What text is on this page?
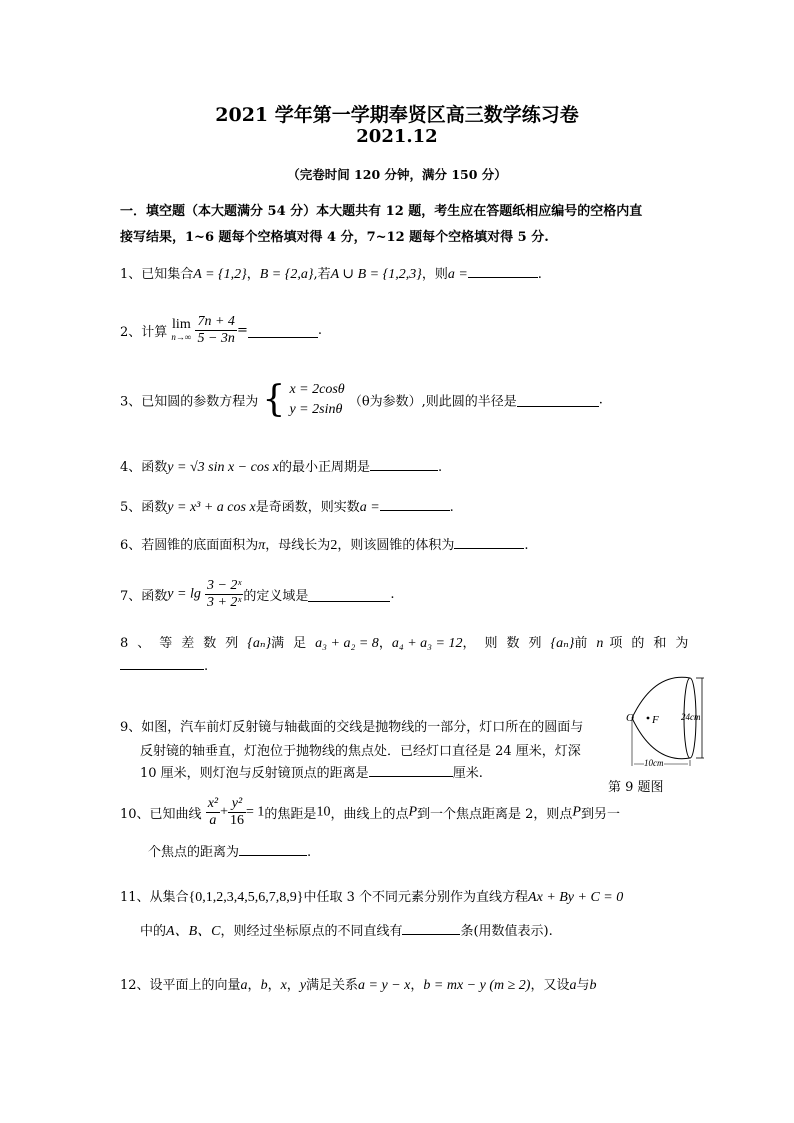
2021 学年第一学期奉贤区高三数学练习卷
2021.12
（完卷时间 120 分钟，满分 150 分）
一．填空题（本大题满分 54 分）本大题共有 12 题，考生应在答题纸相应编号的空格内直
接写结果，1~6 题每个空格填对得 4 分，7~12 题每个空格填对得 5 分.
1、已知集合A = {1,2}，B = {2,a},若A ∪ B = {1,2,3}，则a =	.
2、计算
lim
n→∞
$\frac{7n + 4}{5 - 3n}$ =	.
3、已知圆的参数方程为 { x = 2cosθ
y = 2sinθ （θ为参数）,则此圆的半径是	.
4、函数y = √3 sin x − cos x的最小正周期是	.
5、函数y = x³ + a cos x是奇函数，则实数a =	.
6、若圆锥的底面面积为π，母线长为2，则该圆锥的体积为	.
7、函数$y = \lg \frac{\text{3 − 2ˣ}}{\text{3 + 2ˣ}}$ 的定义域是	.
8、等差数列{aₙ}满足a₃ + a₂ = 8，a₄ + a₃ = 12，则数列{aₙ}前n 项的和为
.
9、如图，汽车前灯反射镜与轴截面的交线是抛物线的一部分，灯口所在的圆面与
反射镜的轴垂直，灯泡位于抛物线的焦点处．已经灯口直径是 24 厘米，灯深
10 厘米，则灯泡与反射镜顶点的距离是	厘米.
O F 24cm
10cm
第 9 题图
10、已知曲线 $\frac{\text{x²}}{a} + \frac{\text{y²}}{16} = 1$的焦距是10，曲线上的点P到一个焦点距离是 2，则点P到另一
个焦点的距离为	.
11、从集合{0,1,2,3,4,5,6,7,8,9}中任取 3 个不同元素分别作为直线方程Ax + By + C = 0
中的A、B、C，则经过坐标原点的不同直线有	条(用数值表示).
12、设平面上的向量a，b，x，y满足关系a = y − x，b = mx − y (m ≥ 2)，又设a与b
